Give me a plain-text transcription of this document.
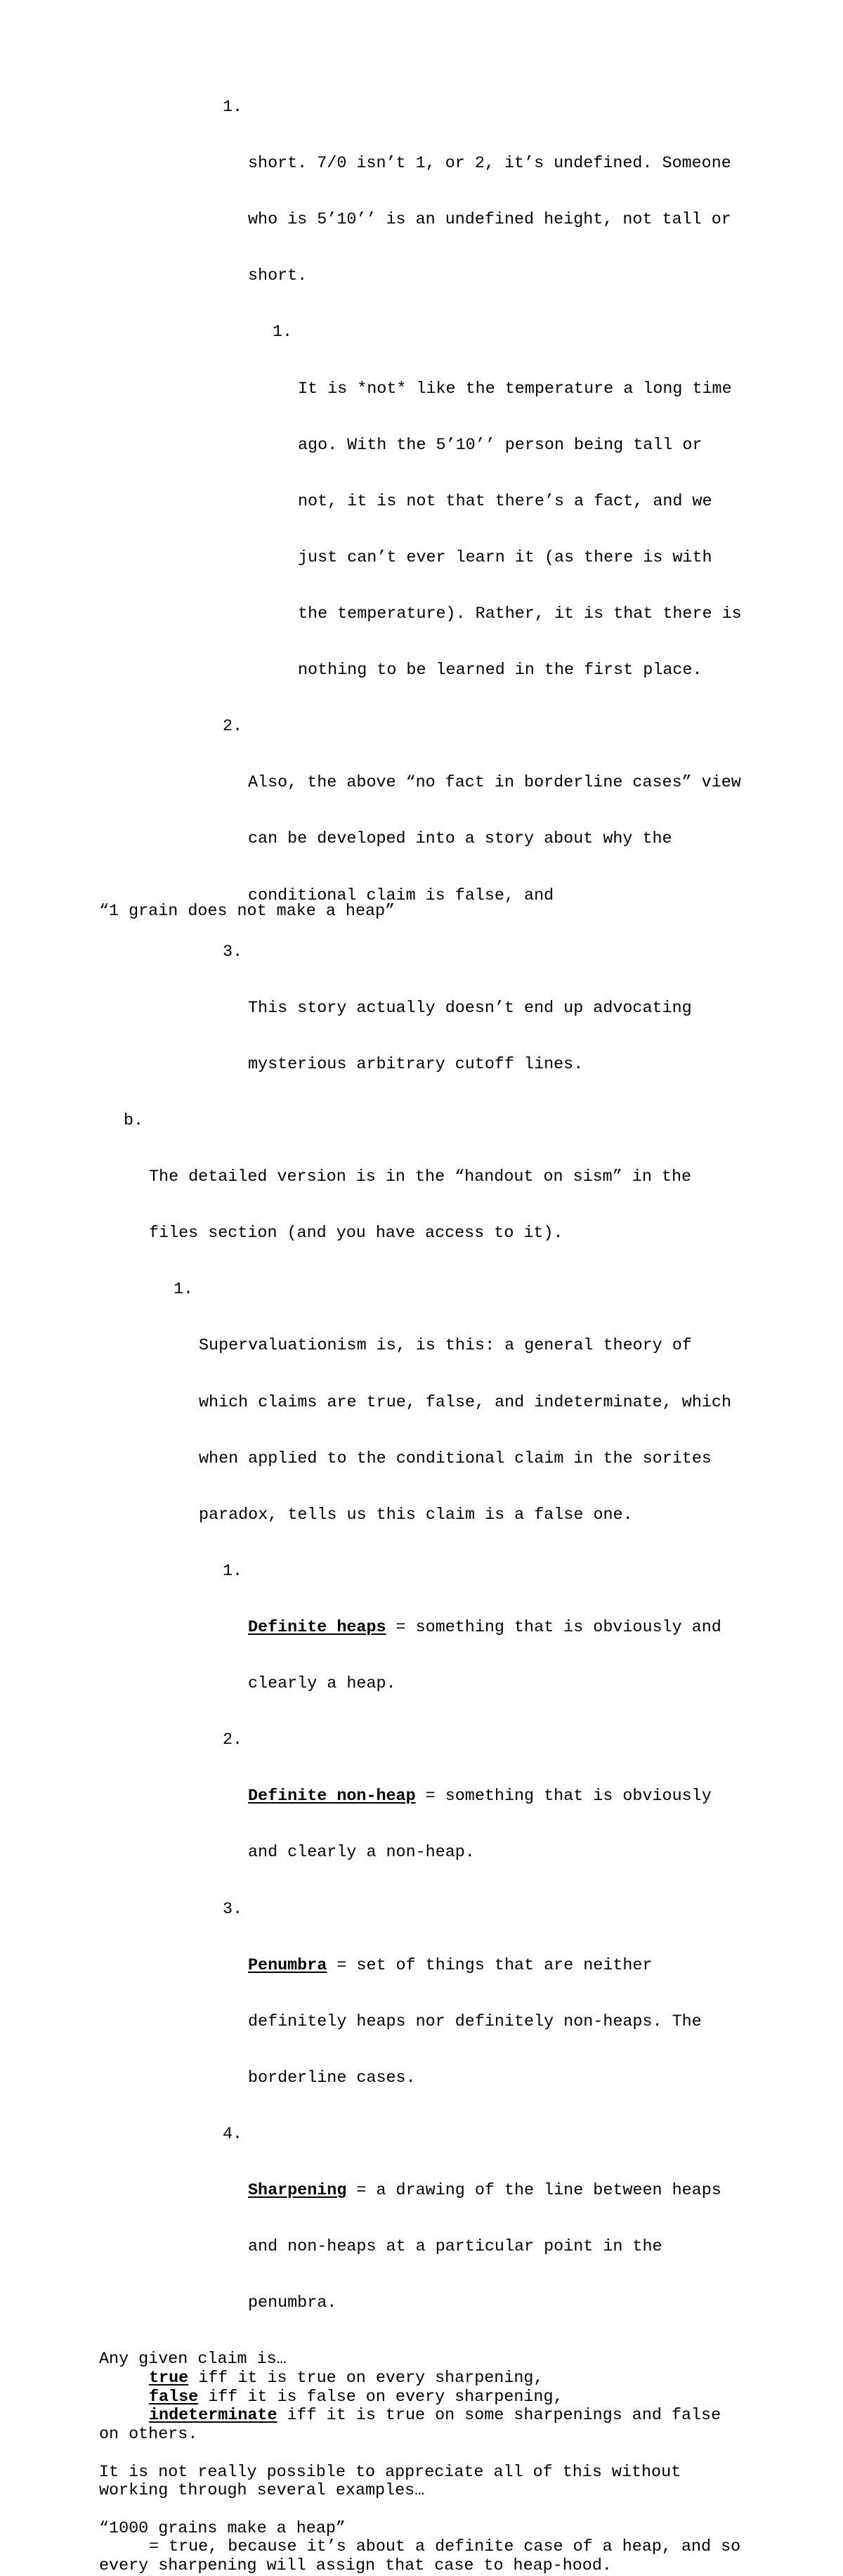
1.

short. 7/0 isn’t 1, or 2, it’s undefined. Someone

who is 5’10’’ is an undefined height, not tall or

short.

1.

It is *not* like the temperature a long time

ago. With the 5’10’’ person being tall or

not, it is not that there’s a fact, and we

just can’t ever learn it (as there is with

the temperature). Rather, it is that there is

nothing to be learned in the first place.

2.

Also, the above “no fact in borderline cases” view

can be developed into a story about why the

conditional claim is false, and

3.

This story actually doesn’t end up advocating

mysterious arbitrary cutoff lines.

b.

The detailed version is in the “handout on sism” in the

files section (and you have access to it).

1.

Supervaluationism is, is this: a general theory of

which claims are true, false, and indeterminate, which

when applied to the conditional claim in the sorites

paradox, tells us this claim is a false one.

1.

Definite heaps = something that is obviously and

clearly a heap.

2.

Definite non-heap = something that is obviously

and clearly a non-heap.

3.

Penumbra = set of things that are neither

definitely heaps nor definitely non-heaps. The

borderline cases.

4.

Sharpening = a drawing of the line between heaps

and non-heaps at a particular point in the

penumbra.

Any given claim is…
true iff it is true on every sharpening,
false iff it is false on every sharpening,
indeterminate iff it is true on some sharpenings and false
on others.
It is not really possible to appreciate all of this without
working through several examples…
“1000 grains make a heap”
= true, because it’s about a definite case of a heap, and so
every sharpening will assign that case to heap-hood.
“1 grain does not make a heap”
